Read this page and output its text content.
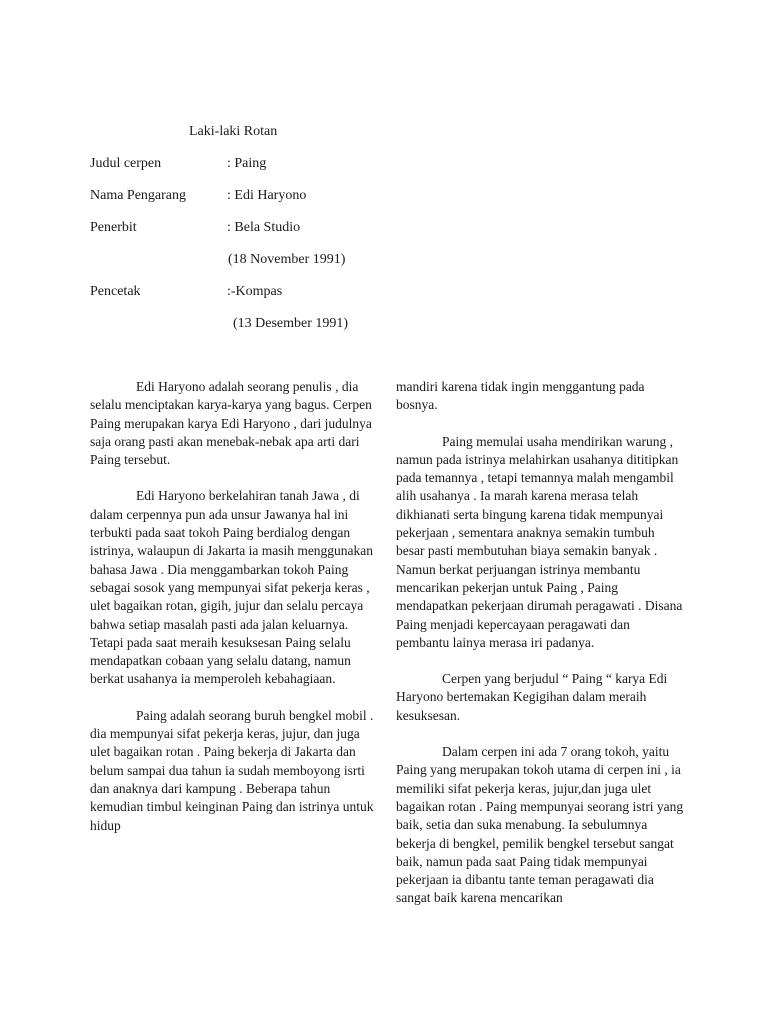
Laki-laki Rotan
Judul cerpen	: Paing
Nama Pengarang	: Edi Haryono
Penerbit	: Bela Studio
(18 November 1991)
Pencetak	:-Kompas
(13 Desember 1991)

Edi Haryono adalah seorang penulis , dia selalu menciptakan karya-karya yang bagus. Cerpen Paing merupakan karya Edi Haryono , dari judulnya saja orang pasti akan menebak-nebak apa arti dari Paing tersebut.

Edi Haryono berkelahiran tanah Jawa , di dalam cerpennya pun ada unsur Jawanya hal ini terbukti pada saat tokoh Paing berdialog dengan istrinya, walaupun di Jakarta ia masih menggunakan bahasa Jawa . Dia menggambarkan tokoh Paing sebagai sosok yang mempunyai sifat pekerja keras , ulet bagaikan rotan, gigih, jujur dan selalu percaya bahwa setiap masalah pasti ada jalan keluarnya. Tetapi pada saat meraih kesuksesan Paing selalu mendapatkan cobaan yang selalu datang, namun berkat usahanya ia memperoleh kebahagiaan.

Paing adalah seorang buruh bengkel mobil . dia mempunyai sifat pekerja keras, jujur, dan juga ulet bagaikan rotan . Paing bekerja di Jakarta dan belum sampai dua tahun ia sudah memboyong isrti dan anaknya dari kampung . Beberapa tahun kemudian timbul keinginan Paing dan istrinya untuk hidup

mandiri karena tidak ingin menggantung pada bosnya.

Paing memulai usaha mendirikan warung , namun pada istrinya melahirkan usahanya dititipkan pada temannya , tetapi temannya malah mengambil alih usahanya . Ia marah karena merasa telah dikhianati serta bingung karena tidak mempunyai pekerjaan , sementara anaknya semakin tumbuh besar pasti membutuhan biaya semakin banyak . Namun berkat perjuangan istrinya membantu mencarikan pekerjan untuk Paing , Paing mendapatkan pekerjaan dirumah peragawati . Disana Paing menjadi kepercayaan peragawati dan pembantu lainya merasa iri padanya.

Cerpen yang berjudul “ Paing “ karya Edi Haryono bertemakan Kegigihan dalam meraih kesuksesan.

Dalam cerpen ini ada 7 orang tokoh, yaitu Paing yang merupakan tokoh utama di cerpen ini , ia memiliki sifat pekerja keras, jujur,dan juga ulet bagaikan rotan . Paing mempunyai seorang istri yang baik, setia dan suka menabung. Ia sebulumnya bekerja di bengkel, pemilik bengkel tersebut sangat baik, namun pada saat Paing tidak mempunyai pekerjaan ia dibantu tante teman peragawati dia sangat baik karena mencarikan
